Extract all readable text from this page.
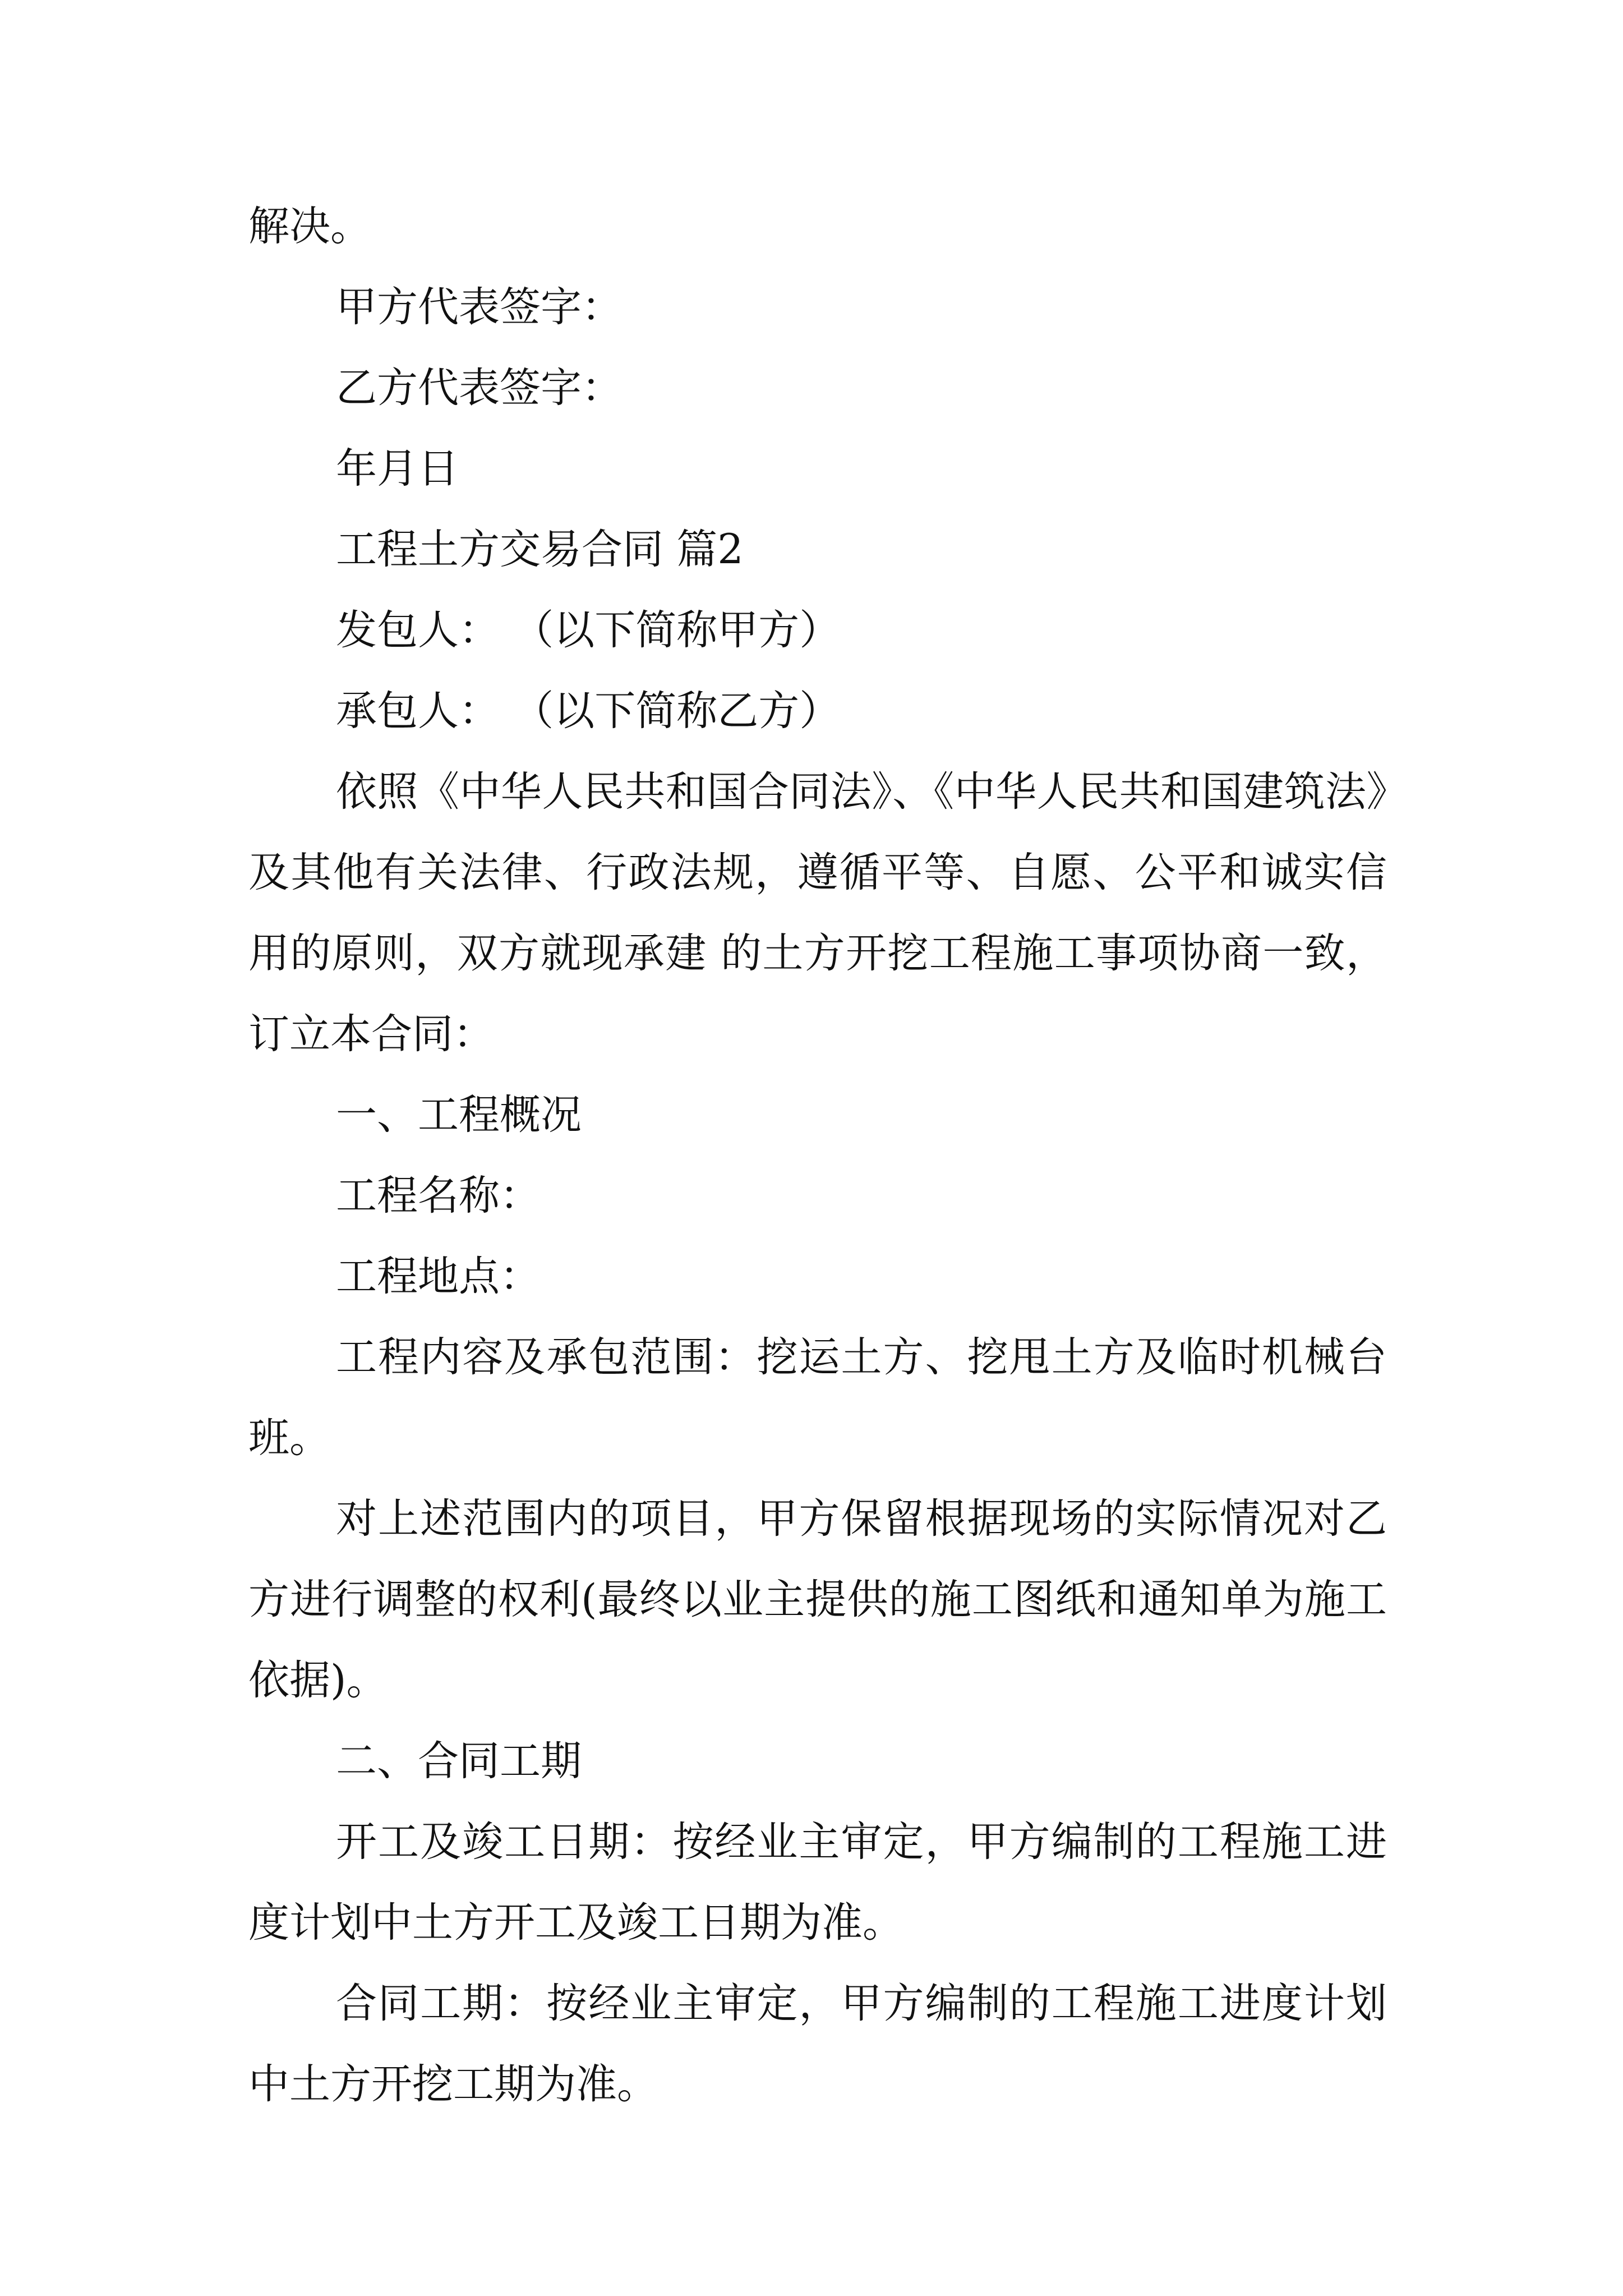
解决。

甲方代表签字：

乙方代表签字：

年月日

工程土方交易合同 篇2

发包人： （以下简称甲方）

承包人： （以下简称乙方）

依照《中华人民共和国合同法》、《中华人民共和国建筑法》及其他有关法律、行政法规，遵循平等、自愿、公平和诚实信用的原则，双方就现承建 的土方开挖工程施工事项协商一致，订立本合同：

一、工程概况

工程名称：

工程地点：

工程内容及承包范围：挖运土方、挖甩土方及临时机械台班。

对上述范围内的项目，甲方保留根据现场的实际情况对乙方进行调整的权利(最终以业主提供的施工图纸和通知单为施工依据)。

二、合同工期

开工及竣工日期：按经业主审定，甲方编制的工程施工进度计划中土方开工及竣工日期为准。

合同工期：按经业主审定，甲方编制的工程施工进度计划中土方开挖工期为准。
